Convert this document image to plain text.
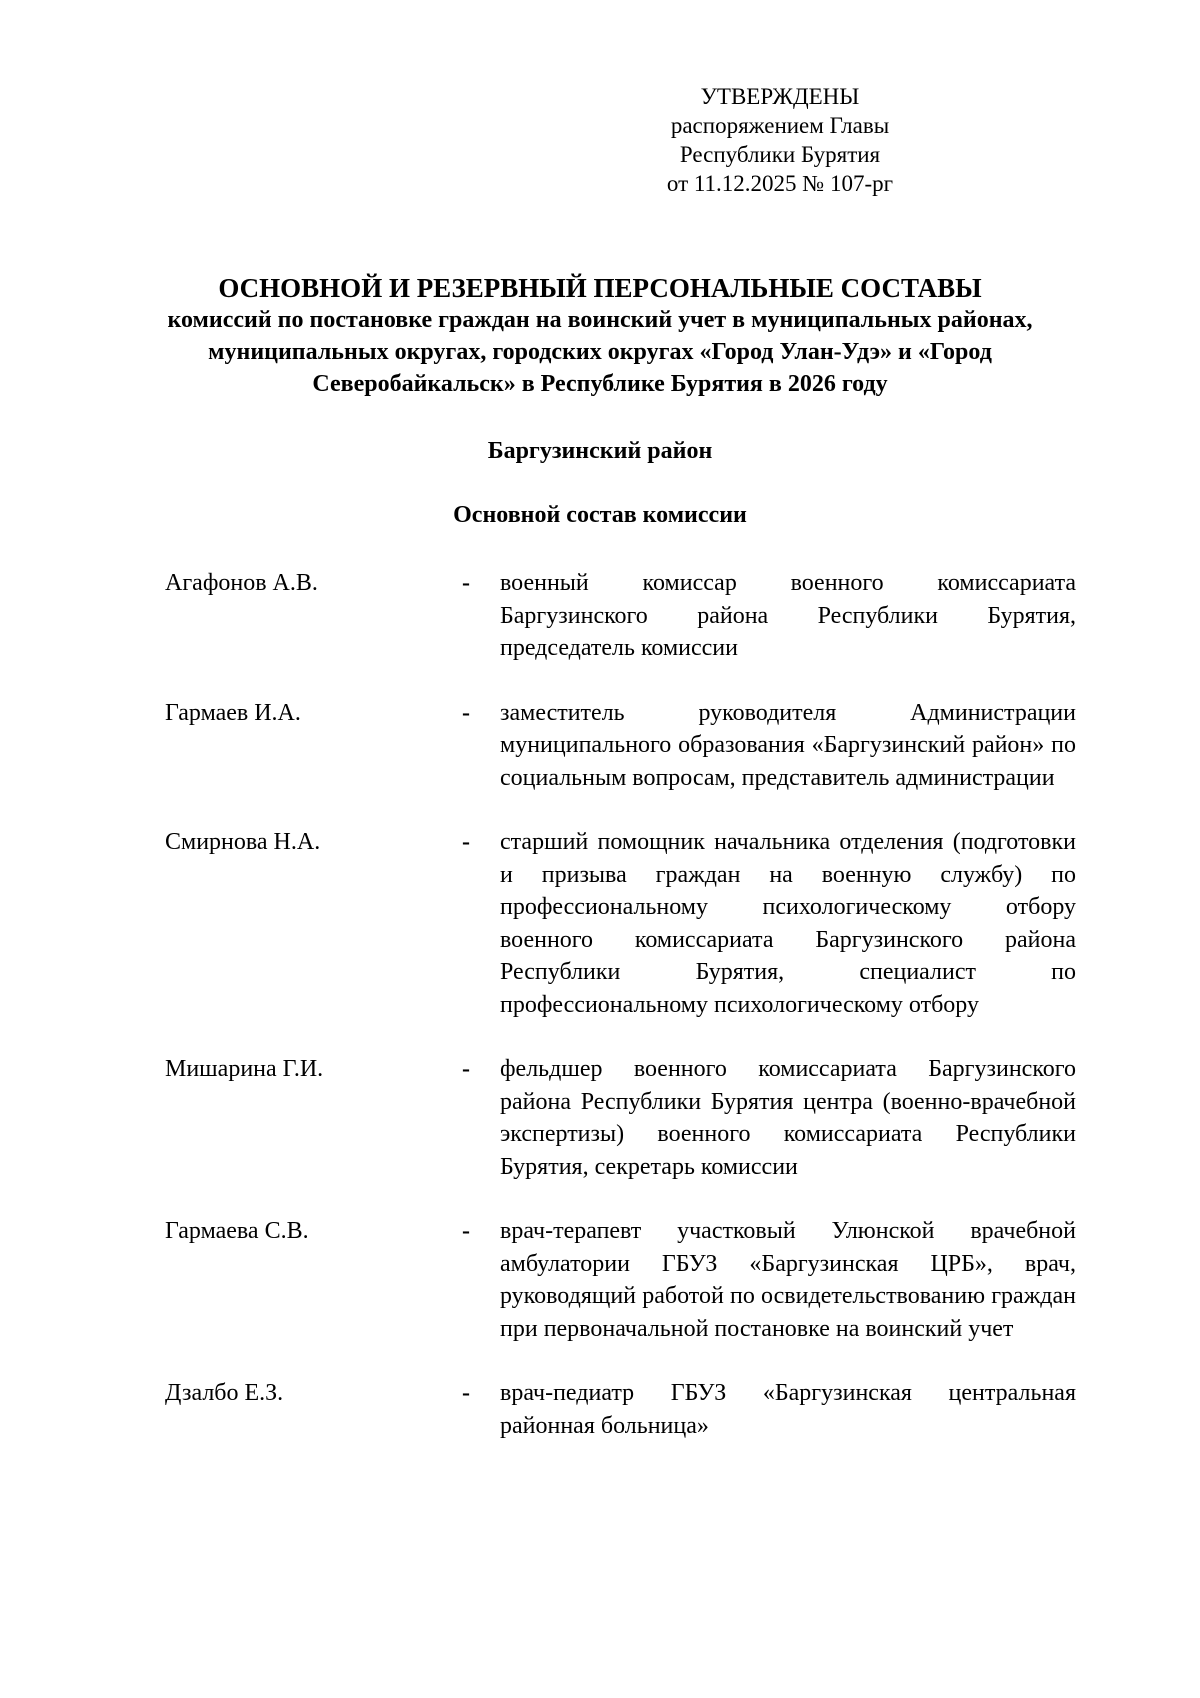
УТВЕРЖДЕНЫ
распоряжением Главы
Республики Бурятия
от 11.12.2025 № 107-рг
ОСНОВНОЙ И РЕЗЕРВНЫЙ ПЕРСОНАЛЬНЫЕ СОСТАВЫ
комиссий по постановке граждан на воинский учет в муниципальных районах, муниципальных округах, городских округах «Город Улан-Удэ» и «Город Северобайкальск» в Республике Бурятия в 2026 году
Баргузинский район
Основной состав комиссии
Агафонов А.В.	- военный комиссар военного комиссариата Баргузинского района Республики Бурятия, председатель комиссии
Гармаев И.А.	- заместитель руководителя Администрации муниципального образования «Баргузинский район» по социальным вопросам, представитель администрации
Смирнова Н.А.	- старший помощник начальника отделения (подготовки и призыва граждан на военную службу) по профессиональному психологическому отбору военного комиссариата Баргузинского района Республики Бурятия, специалист по профессиональному психологическому отбору
Мишарина Г.И.	- фельдшер военного комиссариата Баргузинского района Республики Бурятия центра (военно-врачебной экспертизы) военного комиссариата Республики Бурятия, секретарь комиссии
Гармаева С.В.	- врач-терапевт участковый Улюнской врачебной амбулатории ГБУЗ «Баргузинская ЦРБ», врач, руководящий работой по освидетельствованию граждан при первоначальной постановке на воинский учет
Дзалбо Е.З.	- врач-педиатр ГБУЗ «Баргузинская центральная районная больница»
